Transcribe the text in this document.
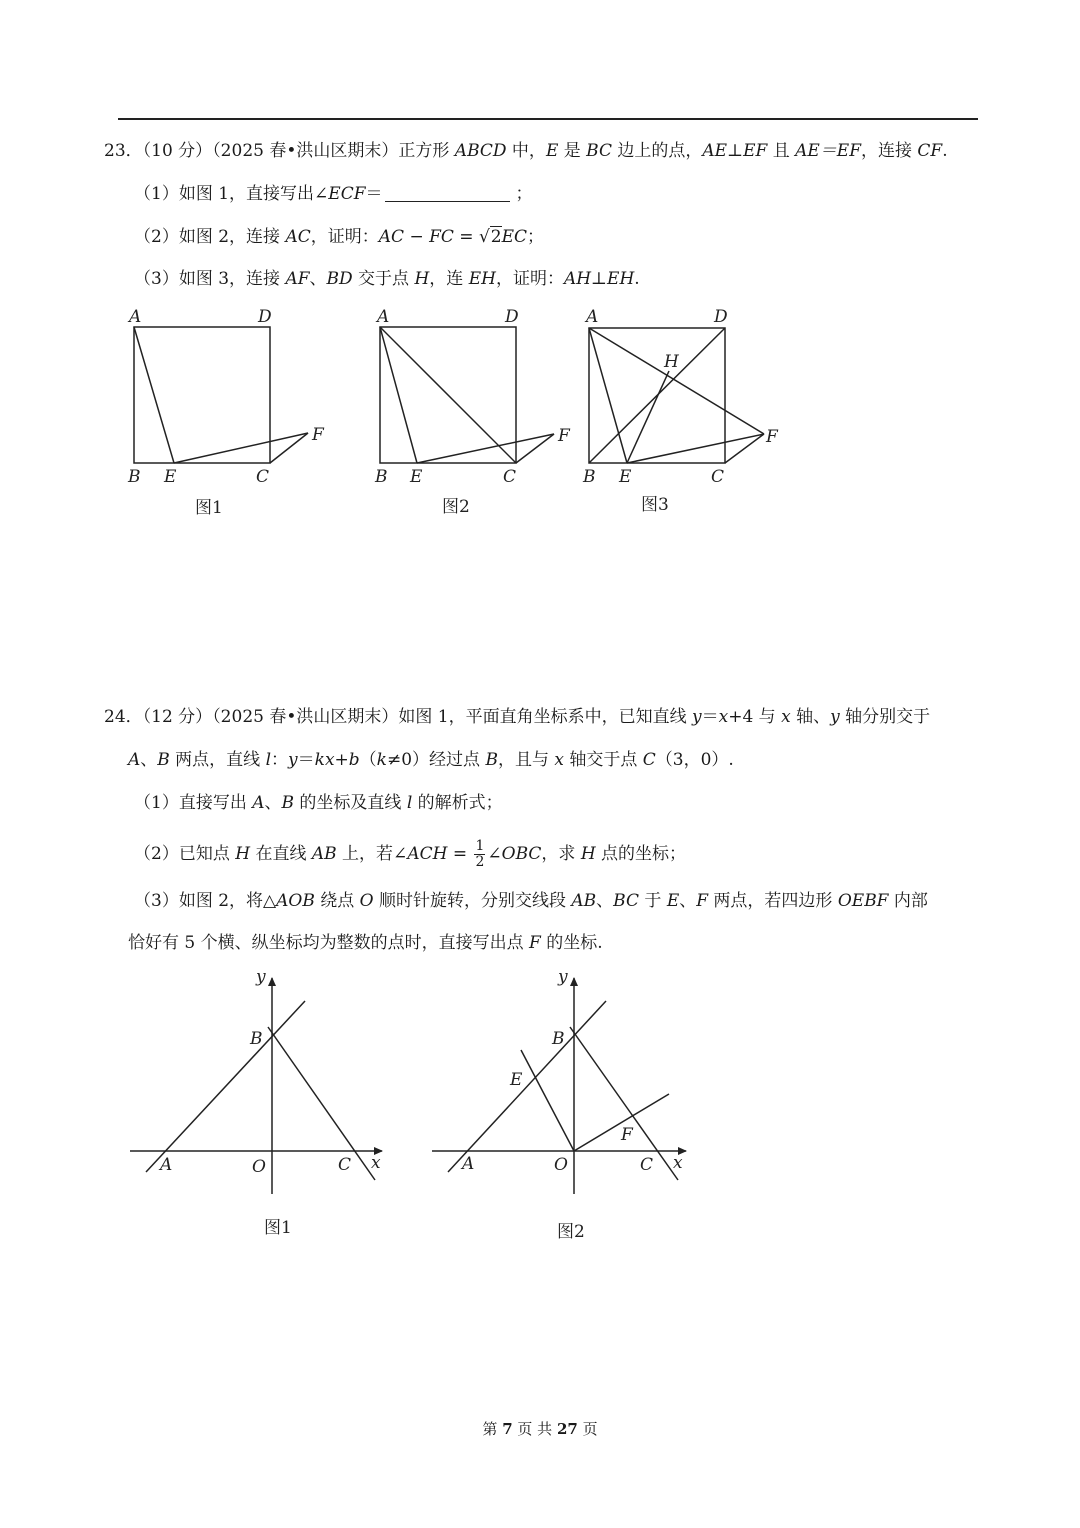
23．（10 分）（2025 春•洪山区期末）正方形 ABCD 中，E 是 BC 边上的点，AE⊥EF 且 AE＝EF，连接 CF.
（1）如图 1，直接写出∠ECF＝	；
（2）如图 2，连接 AC，证明：AC − FC = √2EC；
（3）如图 3，连接 AF、BD 交于点 H，连 EH，证明：AH⊥EH.
24．（12 分）（2025 春•洪山区期末）如图 1，平面直角坐标系中，已知直线 y＝x+4 与 x 轴、y 轴分别交于
A、B 两点，直线 l：y＝kx+b（k≠0）经过点 B，且与 x 轴交于点 C（3，0）.
（1）直接写出 A、B 的坐标及直线 l 的解析式；
（2）已知点 H 在直线 AB 上，若∠ACH = $\frac{1}{2}$ ∠OBC，求 H 点的坐标；
（3）如图 2，将△AOB 绕点 O 顺时针旋转，分别交线段 AB、BC 于 E、F 两点，若四边形 OEBF 内部
恰好有 5 个横、纵坐标均为整数的点时，直接写出点 F 的坐标.
A	D
B E	C
F
A	D
B E	C
F
A	D
H
B E	C
F
y
x
B
A	O	C
y
x
B
E
F
A	O	C
图1	图2	图3
图1	图2
第 7 页 共 27 页
